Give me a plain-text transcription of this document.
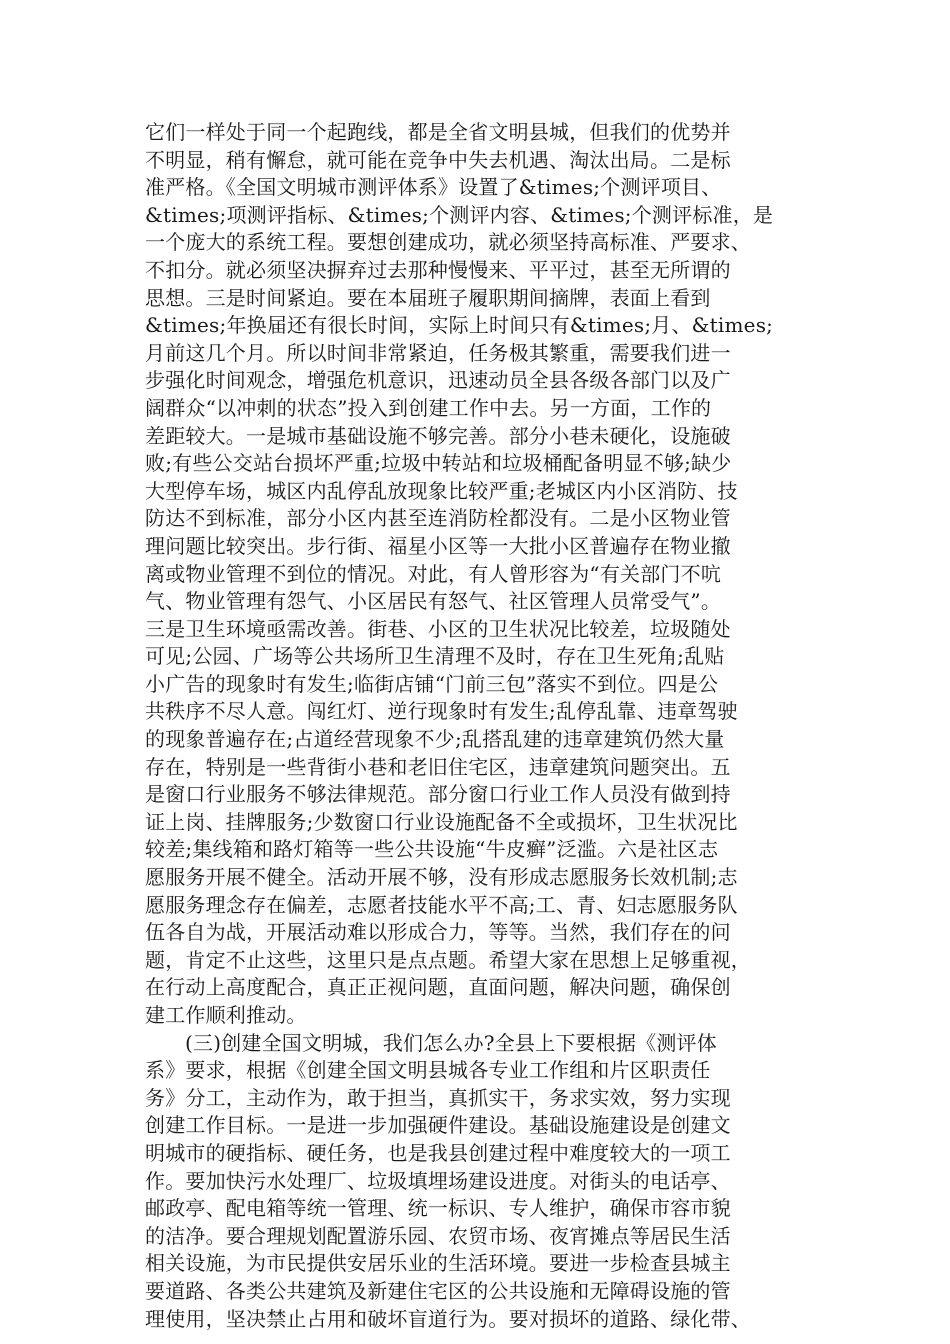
它们一样处于同一个起跑线，都是全省文明县城，但我们的优势并
不明显，稍有懈怠，就可能在竞争中失去机遇、淘汰出局。二是标
准严格。《全国文明城市测评体系》设置了&times;个测评项目、
&times;项测评指标、&times;个测评内容、&times;个测评标准，是
一个庞大的系统工程。要想创建成功，就必须坚持高标准、严要求、
不扣分。就必须坚决摒弃过去那种慢慢来、平平过，甚至无所谓的
思想。三是时间紧迫。要在本届班子履职期间摘牌，表面上看到
&times;年换届还有很长时间，实际上时间只有&times;月、&times;
月前这几个月。所以时间非常紧迫，任务极其繁重，需要我们进一
步强化时间观念，增强危机意识，迅速动员全县各级各部门以及广
阔群众“以冲刺的状态”投入到创建工作中去。另一方面，工作的
差距较大。一是城市基础设施不够完善。部分小巷未硬化，设施破
败;有些公交站台损坏严重;垃圾中转站和垃圾桶配备明显不够;缺少
大型停车场，城区内乱停乱放现象比较严重;老城区内小区消防、技
防达不到标准，部分小区内甚至连消防栓都没有。二是小区物业管
理问题比较突出。步行街、福星小区等一大批小区普遍存在物业撤
离或物业管理不到位的情况。对此，有人曾形容为“有关部门不吭
气、物业管理有怨气、小区居民有怒气、社区管理人员常受气”。
三是卫生环境亟需改善。街巷、小区的卫生状况比较差，垃圾随处
可见;公园、广场等公共场所卫生清理不及时，存在卫生死角;乱贴
小广告的现象时有发生;临街店铺“门前三包”落实不到位。四是公
共秩序不尽人意。闯红灯、逆行现象时有发生;乱停乱靠、违章驾驶
的现象普遍存在;占道经营现象不少;乱搭乱建的违章建筑仍然大量
存在，特别是一些背街小巷和老旧住宅区，违章建筑问题突出。五
是窗口行业服务不够法律规范。部分窗口行业工作人员没有做到持
证上岗、挂牌服务;少数窗口行业设施配备不全或损坏，卫生状况比
较差;集线箱和路灯箱等一些公共设施“牛皮癣”泛滥。六是社区志
愿服务开展不健全。活动开展不够，没有形成志愿服务长效机制;志
愿服务理念存在偏差，志愿者技能水平不高;工、青、妇志愿服务队
伍各自为战，开展活动难以形成合力，等等。当然，我们存在的问
题，肯定不止这些，这里只是点点题。希望大家在思想上足够重视，
在行动上高度配合，真正正视问题，直面问题，解决问题，确保创
建工作顺利推动。
(三)创建全国文明城，我们怎么办?全县上下要根据《测评体
系》要求，根据《创建全国文明县城各专业工作组和片区职责任
务》分工，主动作为，敢于担当，真抓实干，务求实效，努力实现
创建工作目标。一是进一步加强硬件建设。基础设施建设是创建文
明城市的硬指标、硬任务，也是我县创建过程中难度较大的一项工
作。要加快污水处理厂、垃圾填埋场建设进度。对街头的电话亭、
邮政亭、配电箱等统一管理、统一标识、专人维护，确保市容市貌
的洁净。要合理规划配置游乐园、农贸市场、夜宵摊点等居民生活
相关设施，为市民提供安居乐业的生活环境。要进一步检查县城主
要道路、各类公共建筑及新建住宅区的公共设施和无障碍设施的管
理使用，坚决禁止占用和破坏盲道行为。要对损坏的道路、绿化带、
